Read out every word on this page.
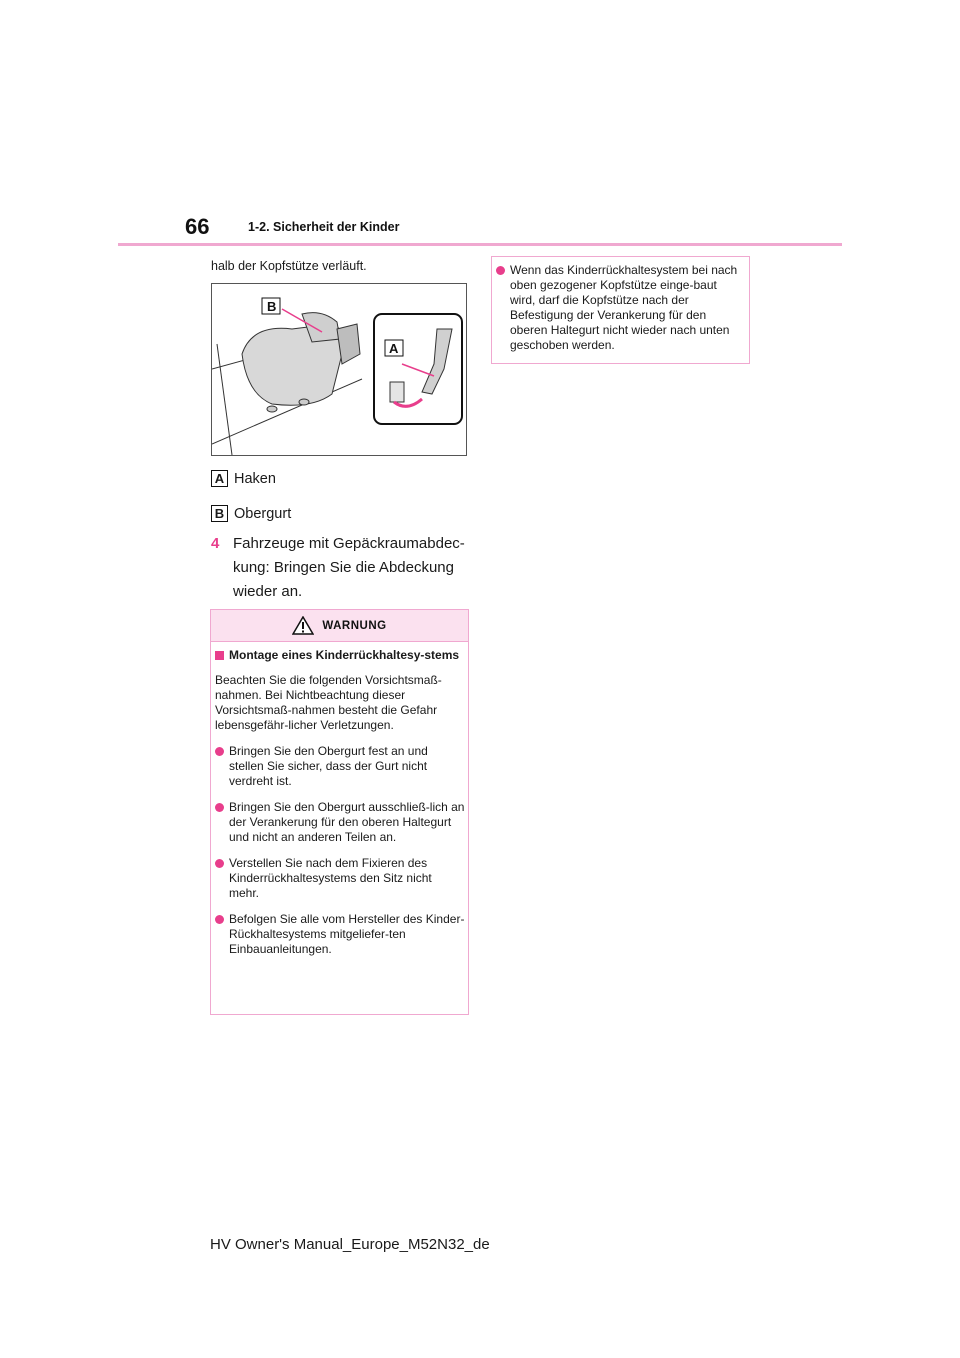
66	1-2. Sicherheit der Kinder
halb der Kopfstütze verläuft.
B
A
A Haken
B Obergurt
4 Fahrzeuge mit Gepäckraumabdec-kung: Bringen Sie die Abdeckung wieder an.
WARNUNG
Montage eines Kinderrückhaltesy-stems
Beachten Sie die folgenden Vorsichtsmaß-nahmen. Bei Nichtbeachtung dieser Vorsichtsmaß-nahmen besteht die Gefahr lebensgefähr-licher Verletzungen.
Bringen Sie den Obergurt fest an und stellen Sie sicher, dass der Gurt nicht verdreht ist.
Bringen Sie den Obergurt ausschließ-lich an der Verankerung für den oberen Haltegurt und nicht an anderen Teilen an.
Verstellen Sie nach dem Fixieren des Kinderrückhaltesystems den Sitz nicht mehr.
Befolgen Sie alle vom Hersteller des Kinder-Rückhaltesystems mitgeliefer-ten Einbauanleitungen.
Wenn das Kinderrückhaltesystem bei nach oben gezogener Kopfstütze einge-baut wird, darf die Kopfstütze nach der Befestigung der Verankerung für den oberen Haltegurt nicht wieder nach unten geschoben werden.
HV Owner's Manual_Europe_M52N32_de
